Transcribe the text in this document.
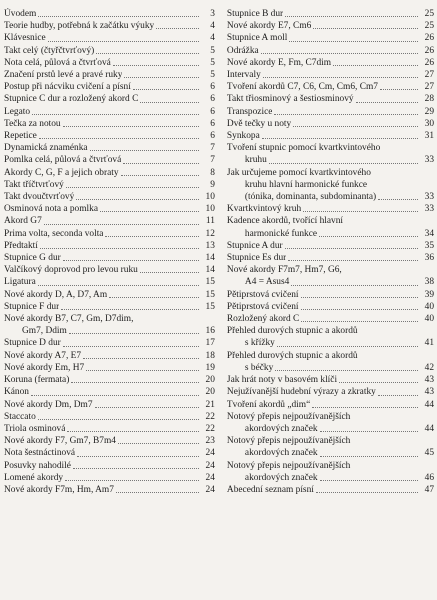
Úvodem	3
Teorie hudby, potřebná k začátku výuky	4
Klávesnice	4
Takt celý (čtyřčtvrťový)	5
Nota celá, půlová a čtvrťová	5
Značení prstů levé a pravé ruky	5
Postup při nácviku cvičení a písní	6
Stupnice C dur a rozložený akord C	6
Legato	6
Tečka za notou	6
Repetice	6
Dynamická znaménka	7
Pomlka celá, půlová a čtvrťová	7
Akordy C, G, F a jejich obraty	8
Takt tříčtvrťový	9
Takt dvoučtvrťový	10
Osminová nota a pomlka	10
Akord G7	11
Prima volta, seconda volta	12
Předtaktí	13
Stupnice G dur	14
Valčíkový doprovod pro levou ruku	14
Ligatura	15
Nové akordy D, A, D7, Am	15
Stupnice F dur	15
Nové akordy B7, C7, Gm, D7dim,
Gm7, Ddim	16
Stupnice D dur	17
Nové akordy A7, E7	18
Nové akordy Em, H7	19
Koruna (fermata)	20
Kánon	20
Nové akordy Dm, Dm7	21
Staccato	22
Triola osminová	22
Nové akordy F7, Gm7, B7m4	23
Nota šestnáctinová	24
Posuvky nahodilé	24
Lomené akordy	24
Nové akordy F7m, Hm, Am7	24
Stupnice B dur	25
Nové akordy E7, Cm6	25
Stupnice A moll	26
Odrážka	26
Nové akordy E, Fm, C7dim	26
Intervaly	27
Tvoření akordů C7, C6, Cm, Cm6, Cm7	27
Takt třiosminový a šestiosminový	28
Transpozice	29
Dvě tečky u noty	30
Synkopa	31
Tvoření stupnic pomocí kvartkvintového
kruhu	33
Jak určujeme pomocí kvartkvintového
kruhu hlavní harmonické funkce
(tónika, dominanta, subdominanta)	33
Kvartkvintový kruh	33
Kadence akordů, tvořící hlavní
harmonické funkce	34
Stupnice A dur	35
Stupnice Es dur	36
Nové akordy F7m7, Hm7, G6,
A4 = Asus4	38
Pětiprstová cvičení	39
Pětiprstová cvičení	40
Rozložený akord C	40
Přehled durových stupnic a akordů
s křížky	41
Přehled durových stupnic a akordů
s béčky	42
Jak hrát noty v basovém klíči	43
Nejužívanější hudební výrazy a zkratky	43
Tvoření akordů „dim“	44
Notový přepis nejpoužívanějších
akordových značek	44
Notový přepis nejpoužívanějších
akordových značek	45
Notový přepis nejpoužívanějších
akordových značek	46
Abecední seznam písní	47
